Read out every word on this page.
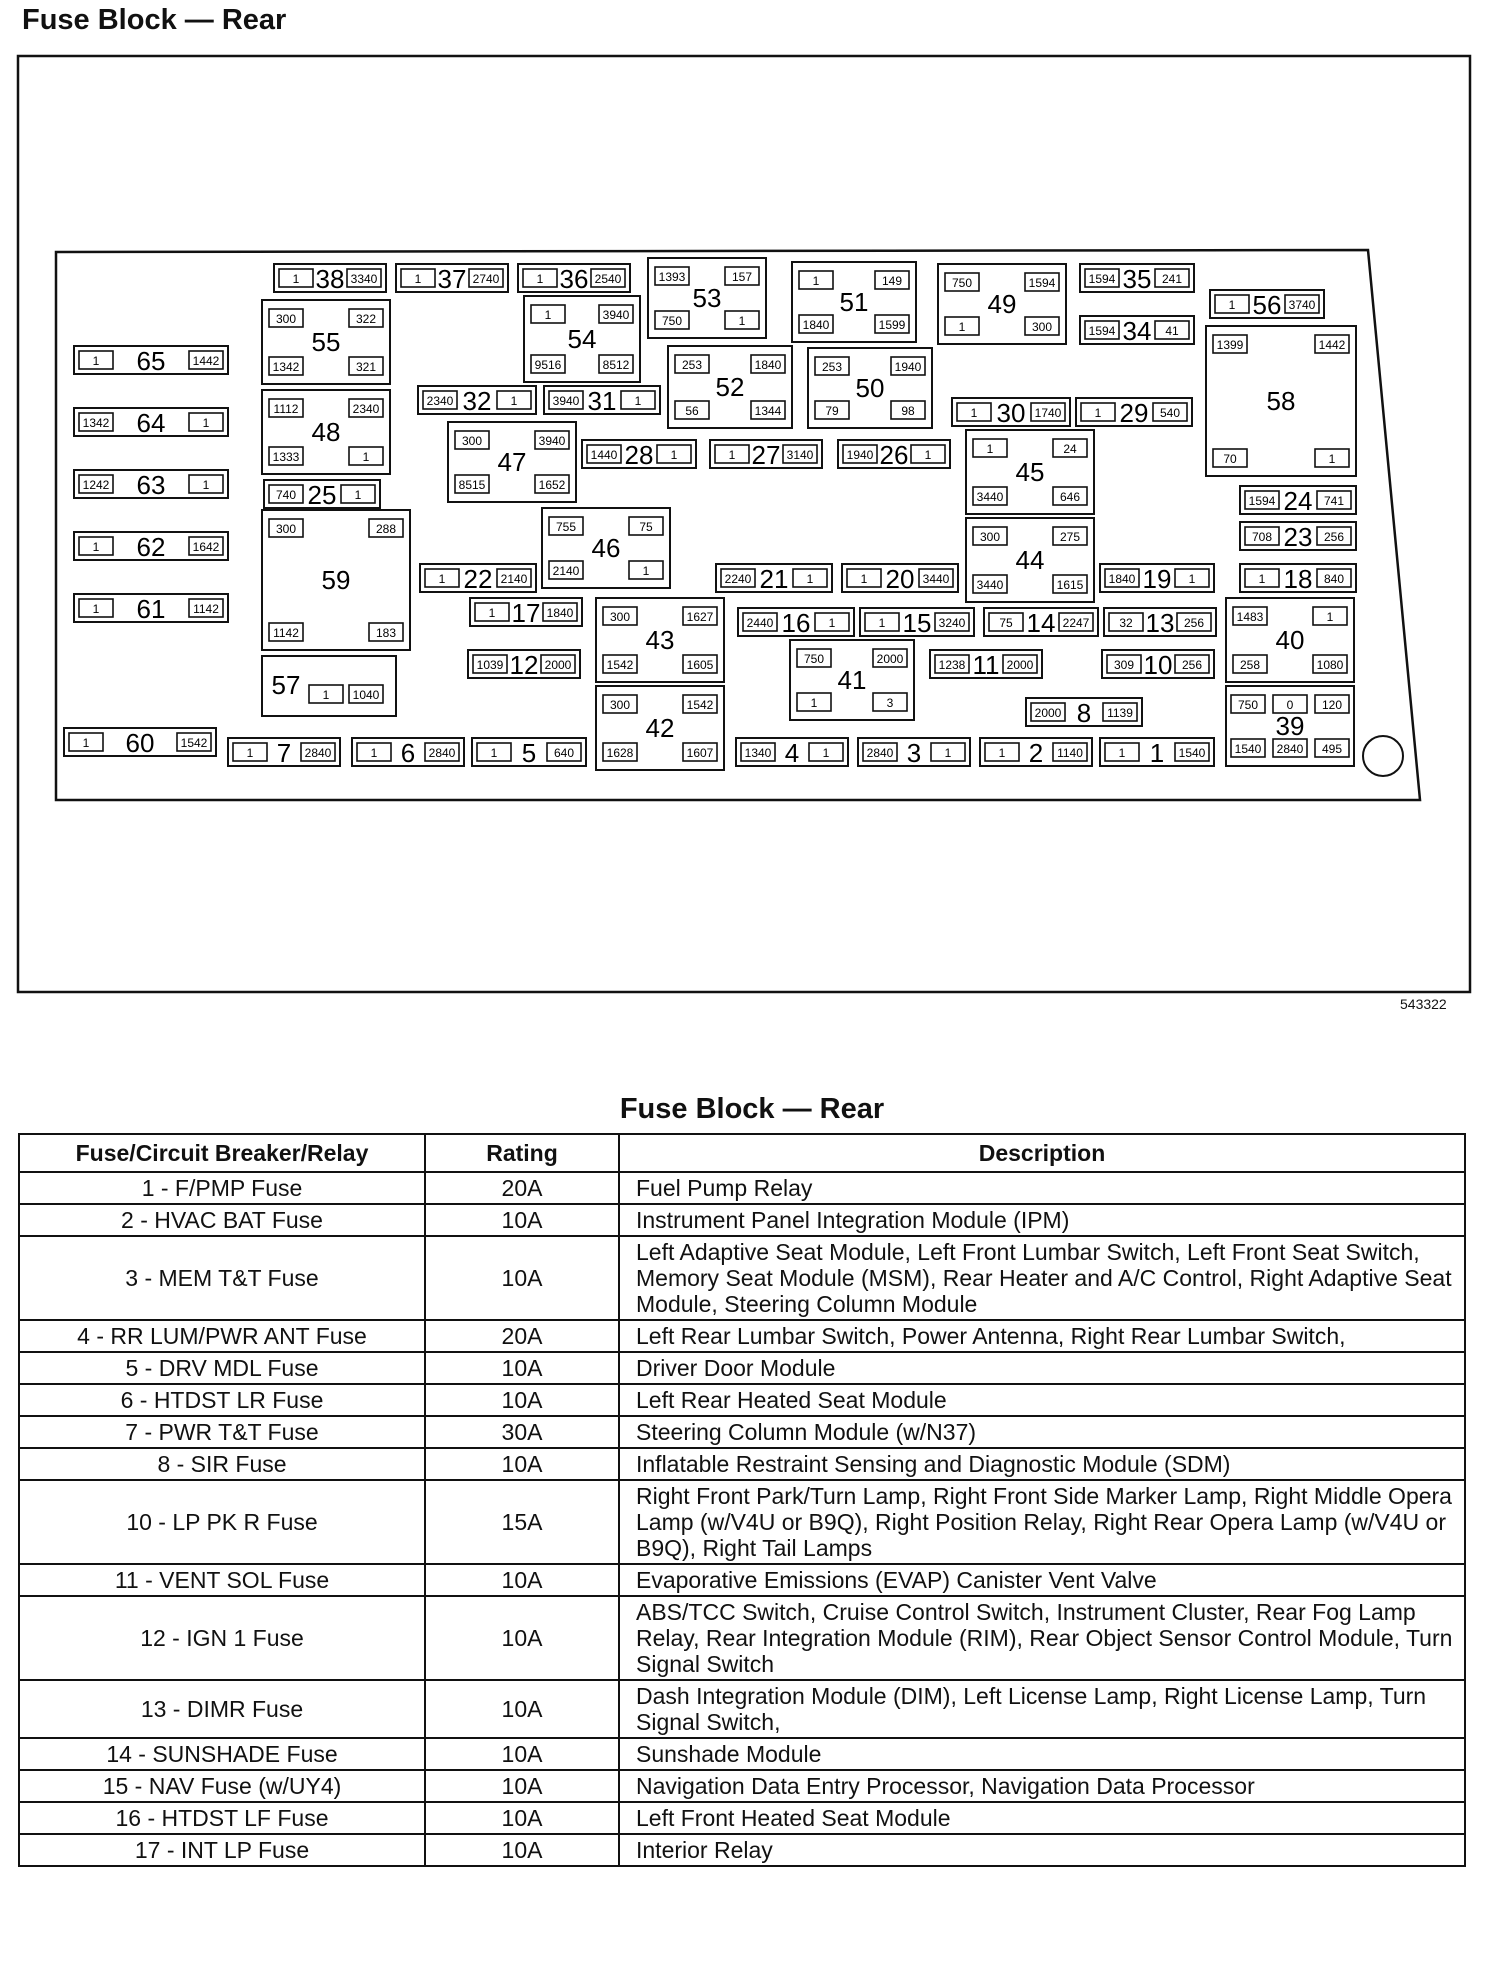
Fuse Block — Rear
1	1442
65
1342	1
64
1242	1
63
1	1642
62
1	1142
61
1	1542
60
1	3340
38	1	2740
37	1	2540
36
2340	1
32	3940	1
31
1440	1
28	1	3140
27	1940	1
26
740	1
25
1594	241
35
1594	41
34
1	3740
56
1	1740
30	1	540
29
1594	741
24
708	256
23
1	2140
22	2240	1
21	1	3440
20	1840	1
19	1	840
18
1	1840
17	2440	1
16	1	3240
15	75	2247
14	32	256
13
1039	2000
12	1238	2000
11	309	256
10
2000	1139
8
1	2840
7	1	2840
6	1	640
5	1340	1
4	2840	1
3	1	1140
2	1	1540
1
300	322
1342	321
55
1112	2340
1333	1
48
300	288
1142	183
59
1	3940
9516	8512
54
300	3940
8515	1652
47
755	75
2140	1
46
1393	157
750	1
53
253	1840
56	1344
52
1	149
1840	1599
51
253	1940
79	98
50
750	1594
1	300
49
1	24
3440	646
45
300	275
3440	1615
44
300	1627
1542	1605
43
300	1542
1628	1607
42
750	2000
1	3
41
1483	1
258	1080
40
1399	1442
70	1
58
57 1 1040
750 0 120
1540 2840 495
39
543322
Fuse Block — Rear
Fuse/Circuit Breaker/Relay	Rating	Description
1 - F/PMP Fuse	20A	Fuel Pump Relay
2 - HVAC BAT Fuse	10A	Instrument Panel Integration Module (IPM)
3 - MEM T&T Fuse	10A	Left Adaptive Seat Module, Left Front Lumbar Switch, Left Front Seat Switch, Memory Seat Module (MSM), Rear Heater and A/C Control, Right Adaptive Seat Module, Steering Column Module
4 - RR LUM/PWR ANT Fuse	20A	Left Rear Lumbar Switch, Power Antenna, Right Rear Lumbar Switch,
5 - DRV MDL Fuse	10A	Driver Door Module
6 - HTDST LR Fuse	10A	Left Rear Heated Seat Module
7 - PWR T&T Fuse	30A	Steering Column Module (w/N37)
8 - SIR Fuse	10A	Inflatable Restraint Sensing and Diagnostic Module (SDM)
10 - LP PK R Fuse	15A	Right Front Park/Turn Lamp, Right Front Side Marker Lamp, Right Middle Opera Lamp (w/V4U or B9Q), Right Position Relay, Right Rear Opera Lamp (w/V4U or B9Q), Right Tail Lamps
11 - VENT SOL Fuse	10A	Evaporative Emissions (EVAP) Canister Vent Valve
12 - IGN 1 Fuse	10A	ABS/TCC Switch, Cruise Control Switch, Instrument Cluster, Rear Fog Lamp Relay, Rear Integration Module (RIM), Rear Object Sensor Control Module, Turn Signal Switch
13 - DIMR Fuse	10A	Dash Integration Module (DIM), Left License Lamp, Right License Lamp, Turn Signal Switch,
14 - SUNSHADE Fuse	10A	Sunshade Module
15 - NAV Fuse (w/UY4)	10A	Navigation Data Entry Processor, Navigation Data Processor
16 - HTDST LF Fuse	10A	Left Front Heated Seat Module
17 - INT LP Fuse	10A	Interior Relay
